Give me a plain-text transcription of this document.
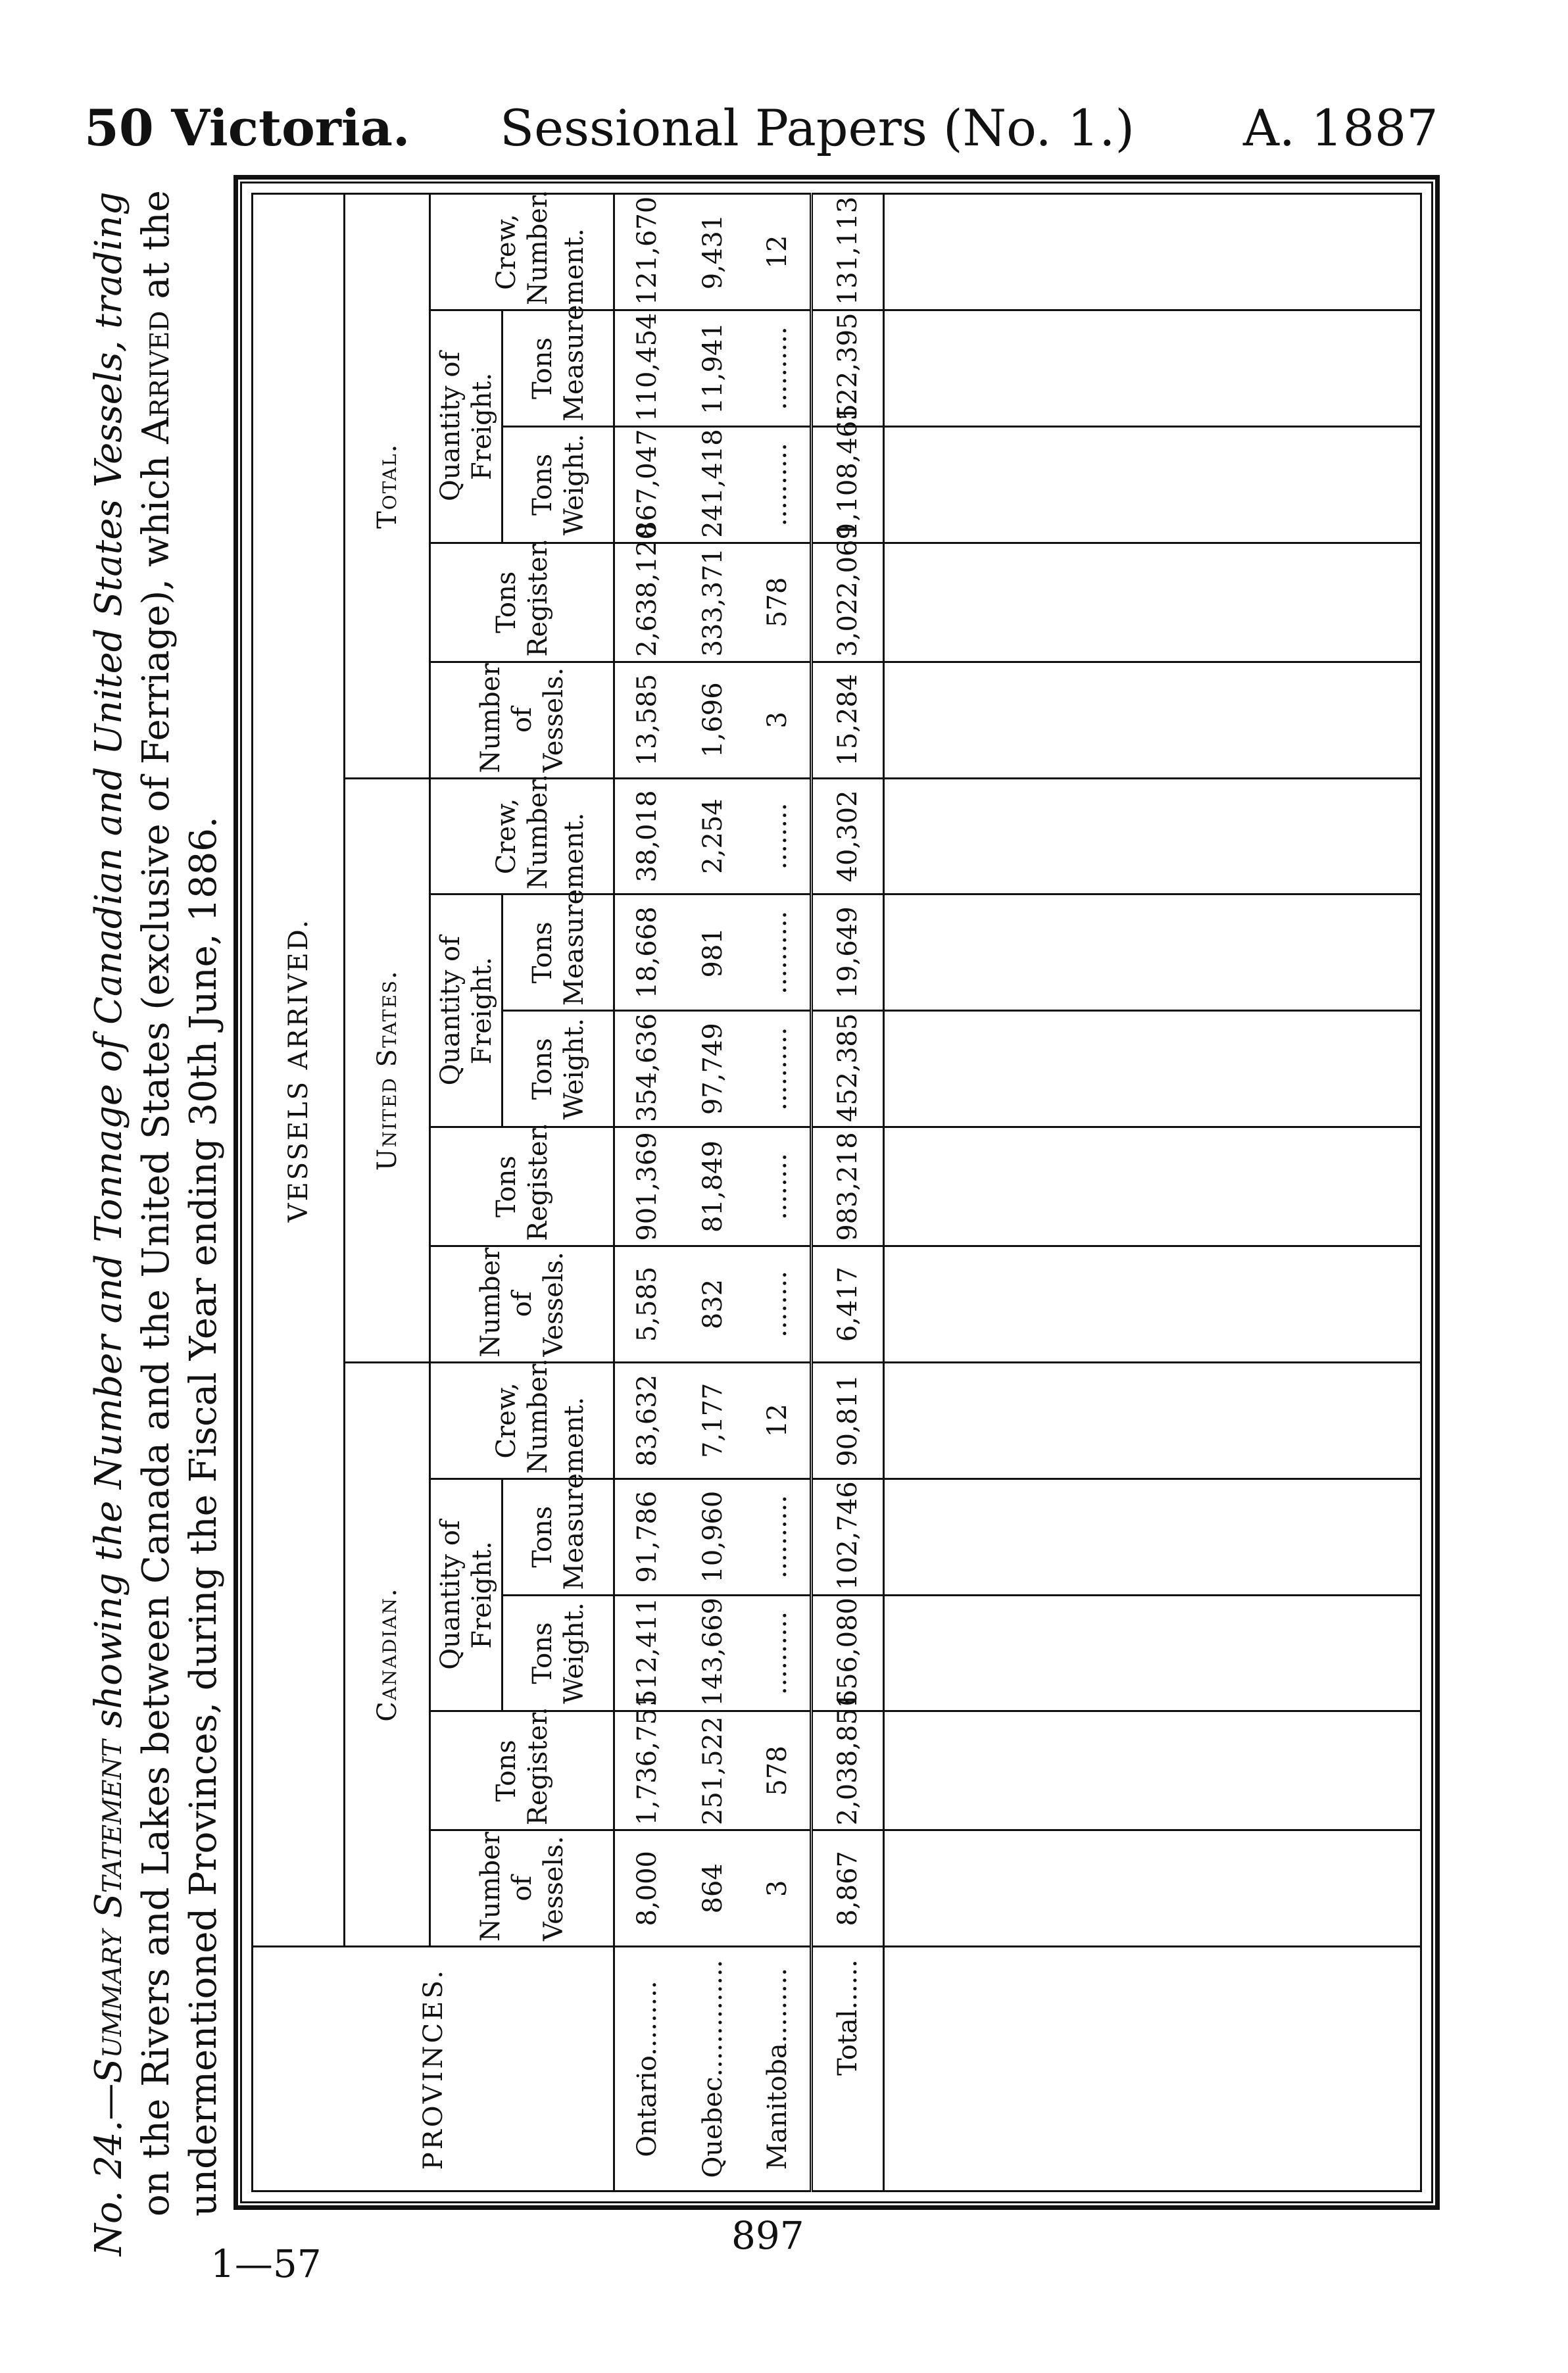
50 Victoria. Sessional Papers (No. 1.) A. 1887
No. 24.—Summary Statement showing the Number and Tonnage of Canadian and United States Vessels, trading
on the Rivers and Lakes between Canada and the United States (exclusive of Ferriage), which Arrived at the
undermentioned Provinces, during the Fiscal Year ending 30th June, 1886.	PROVINCES.	VESSELS ARRIVED.														
	Canadian.					United States.					Total.				
	Number of Vessels.	Tons Register.	Quantity of Freight.		Crew, Number.	Number of Vessels.	Tons Register.	Quantity of Freight.		Crew, Number.	Number of Vessels.	Tons Register.	Quantity of Freight.		Crew, Number.
			Tons Weight.	Tons Measurement.				Tons Weight.	Tons Measurement.				Tons Weight.	Tons Measurement.	
Ontario.........	8,000	1,736,751	512,411	91,786	83,632	5,585	901,369	354,636	18,668	38,018	13,585	2,638,120	867,047	110,454	121,670
Quebec..............	864	251,522	143,669	10,960	7,177	832	81,849	97,749	981	2,254	1,696	333,371	241,418	11,941	9,431
Manitoba.........	3	578	..........	..........	12	........	........	..........	..........	........	3	578	..........	..........	12
Total......	8,867	2,038,851	656,080	102,746	90,811	6,417	983,218	452,385	19,649	40,302	15,284	3,022,069	1,108,465	122,395	131,113

1—57
897
